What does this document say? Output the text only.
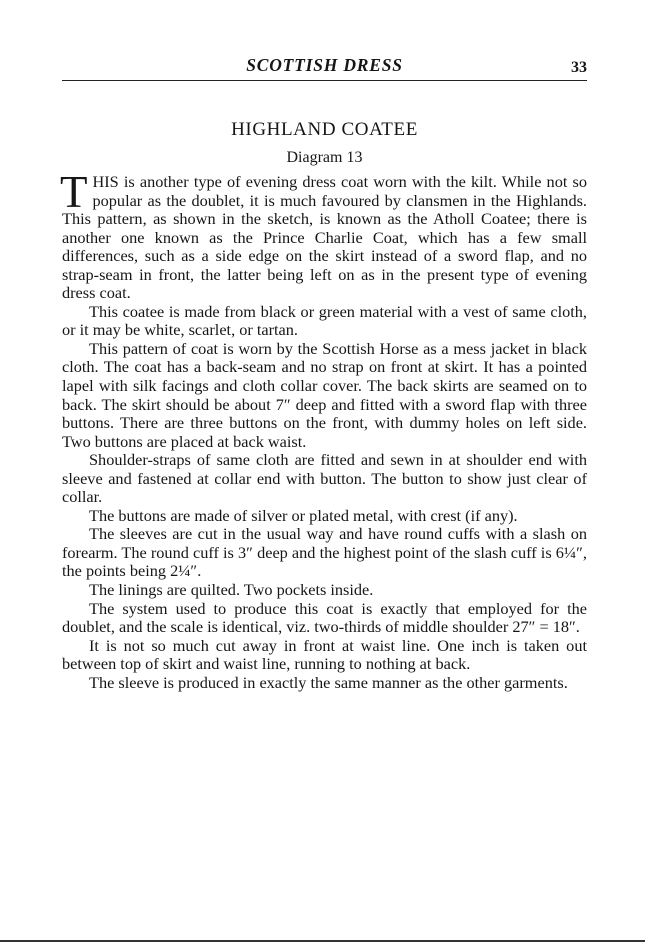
SCOTTISH DRESS	33
HIGHLAND COATEE
Diagram 13

THIS is another type of evening dress coat worn with the kilt. While not so popular as the doublet, it is much favoured by clansmen in the Highlands. This pattern, as shown in the sketch, is known as the Atholl Coatee; there is another one known as the Prince Charlie Coat, which has a few small differences, such as a side edge on the skirt instead of a sword flap, and no strap-seam in front, the latter being left on as in the present type of evening dress coat.

This coatee is made from black or green material with a vest of same cloth, or it may be white, scarlet, or tartan.

This pattern of coat is worn by the Scottish Horse as a mess jacket in black cloth. The coat has a back-seam and no strap on front at skirt. It has a pointed lapel with silk facings and cloth collar cover. The back skirts are seamed on to back. The skirt should be about 7″ deep and fitted with a sword flap with three buttons. There are three buttons on the front, with dummy holes on left side. Two buttons are placed at back waist.

Shoulder-straps of same cloth are fitted and sewn in at shoulder end with sleeve and fastened at collar end with button. The button to show just clear of collar.

The buttons are made of silver or plated metal, with crest (if any).

The sleeves are cut in the usual way and have round cuffs with a slash on forearm. The round cuff is 3″ deep and the highest point of the slash cuff is 6¼″, the points being 2¼″.

The linings are quilted. Two pockets inside.

The system used to produce this coat is exactly that employed for the doublet, and the scale is identical, viz. two-thirds of middle shoulder 27″ = 18″.

It is not so much cut away in front at waist line. One inch is taken out between top of skirt and waist line, running to nothing at back.

The sleeve is produced in exactly the same manner as the other garments.
